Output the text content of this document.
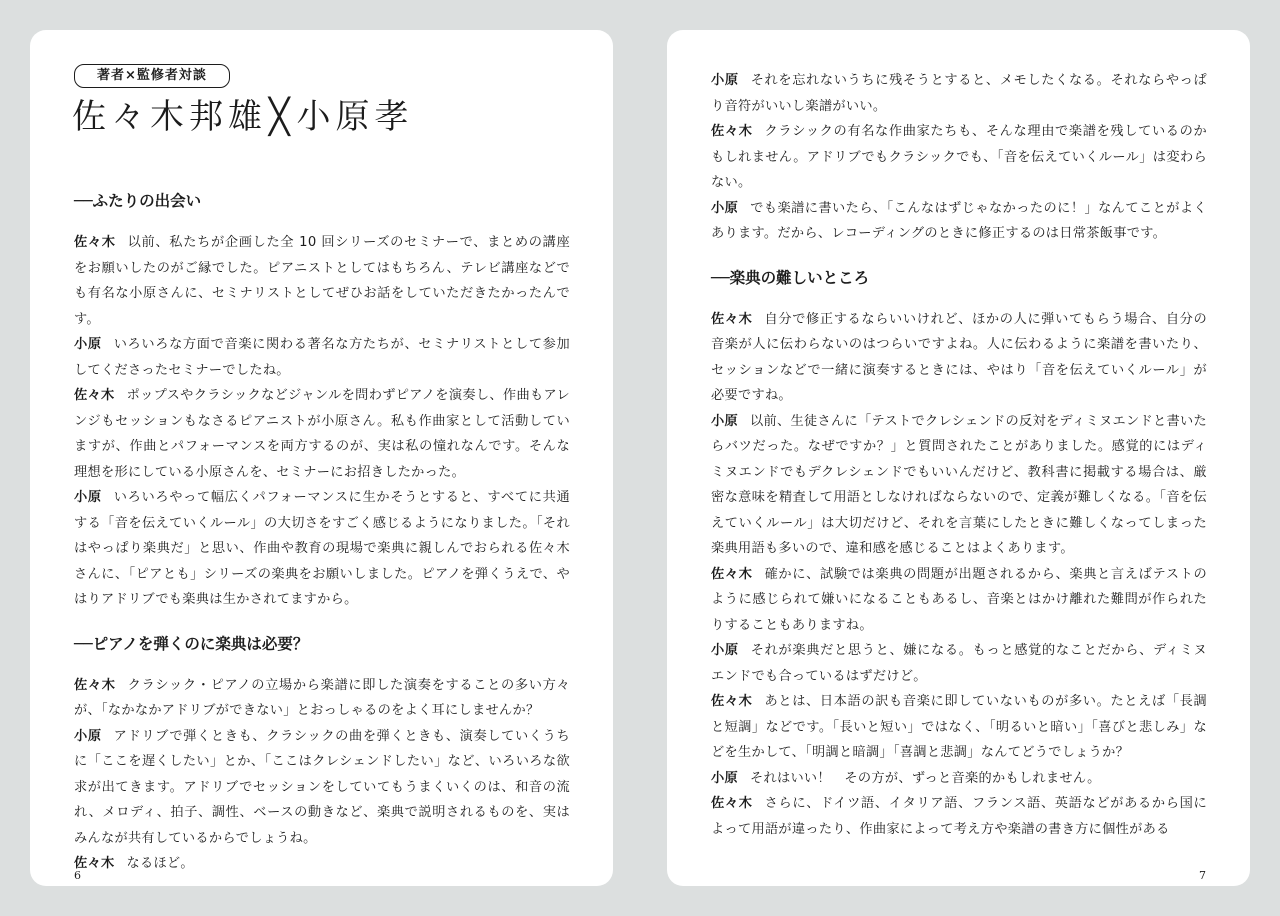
著者×監修者対談
佐々木邦雄╳小原孝
──ふたりの出会い

佐々木 以前、私たちが企画した全 10 回シリーズのセミナーで、まとめの講座をお願いしたのがご縁でした。ピアニストとしてはもちろん、テレビ講座などでも有名な小原さんに、セミナリストとしてぜひお話をしていただきたかったんです。

小原 いろいろな方面で音楽に関わる著名な方たちが、セミナリストとして参加してくださったセミナーでしたね。

佐々木 ポップスやクラシックなどジャンルを問わずピアノを演奏し、作曲もアレンジもセッションもなさるピアニストが小原さん。私も作曲家として活動していますが、作曲とパフォーマンスを両方するのが、実は私の憧れなんです。そんな理想を形にしている小原さんを、セミナーにお招きしたかった。

小原 いろいろやって幅広くパフォーマンスに生かそうとすると、すべてに共通する「音を伝えていくルール」の大切さをすごく感じるようになりました。「それはやっぱり楽典だ」と思い、作曲や教育の現場で楽典に親しんでおられる佐々木さんに、「ピアとも」シリーズの楽典をお願いしました。ピアノを弾くうえで、やはりアドリブでも楽典は生かされてますから。

──ピアノを弾くのに楽典は必要？

佐々木 クラシック・ピアノの立場から楽譜に即した演奏をすることの多い方々が、「なかなかアドリブができない」とおっしゃるのをよく耳にしませんか？

小原 アドリブで弾くときも、クラシックの曲を弾くときも、演奏していくうちに「ここを遅くしたい」とか、「ここはクレシェンドしたい」など、いろいろな欲求が出てきます。アドリブでセッションをしていてもうまくいくのは、和音の流れ、メロディ、拍子、調性、ベースの動きなど、楽典で説明されるものを、実はみんなが共有しているからでしょうね。

佐々木 なるほど。

6

小原 それを忘れないうちに残そうとすると、メモしたくなる。それならやっぱり音符がいいし楽譜がいい。

佐々木 クラシックの有名な作曲家たちも、そんな理由で楽譜を残しているのかもしれません。アドリブでもクラシックでも、「音を伝えていくルール」は変わらない。

小原 でも楽譜に書いたら、「こんなはずじゃなかったのに！」なんてことがよくあります。だから、レコーディングのときに修正するのは日常茶飯事です。

──楽典の難しいところ

佐々木 自分で修正するならいいけれど、ほかの人に弾いてもらう場合、自分の音楽が人に伝わらないのはつらいですよね。人に伝わるように楽譜を書いたり、セッションなどで一緒に演奏するときには、やはり「音を伝えていくルール」が必要ですね。

小原 以前、生徒さんに「テストでクレシェンドの反対をディミヌエンドと書いたらバツだった。なぜですか？」と質問されたことがありました。感覚的にはディミヌエンドでもデクレシェンドでもいいんだけど、教科書に掲載する場合は、厳密な意味を精査して用語としなければならないので、定義が難しくなる。「音を伝えていくルール」は大切だけど、それを言葉にしたときに難しくなってしまった楽典用語も多いので、違和感を感じることはよくあります。

佐々木 確かに、試験では楽典の問題が出題されるから、楽典と言えばテストのように感じられて嫌いになることもあるし、音楽とはかけ離れた難問が作られたりすることもありますね。

小原 それが楽典だと思うと、嫌になる。もっと感覚的なことだから、ディミヌエンドでも合っているはずだけど。

佐々木 あとは、日本語の訳も音楽に即していないものが多い。たとえば「長調と短調」などです。「長いと短い」ではなく、「明るいと暗い」「喜びと悲しみ」などを生かして、「明調と暗調」「喜調と悲調」なんてどうでしょうか？

小原 それはいい！　その方が、ずっと音楽的かもしれません。

佐々木 さらに、ドイツ語、イタリア語、フランス語、英語などがあるから国によって用語が違ったり、作曲家によって考え方や楽譜の書き方に個性がある

7
